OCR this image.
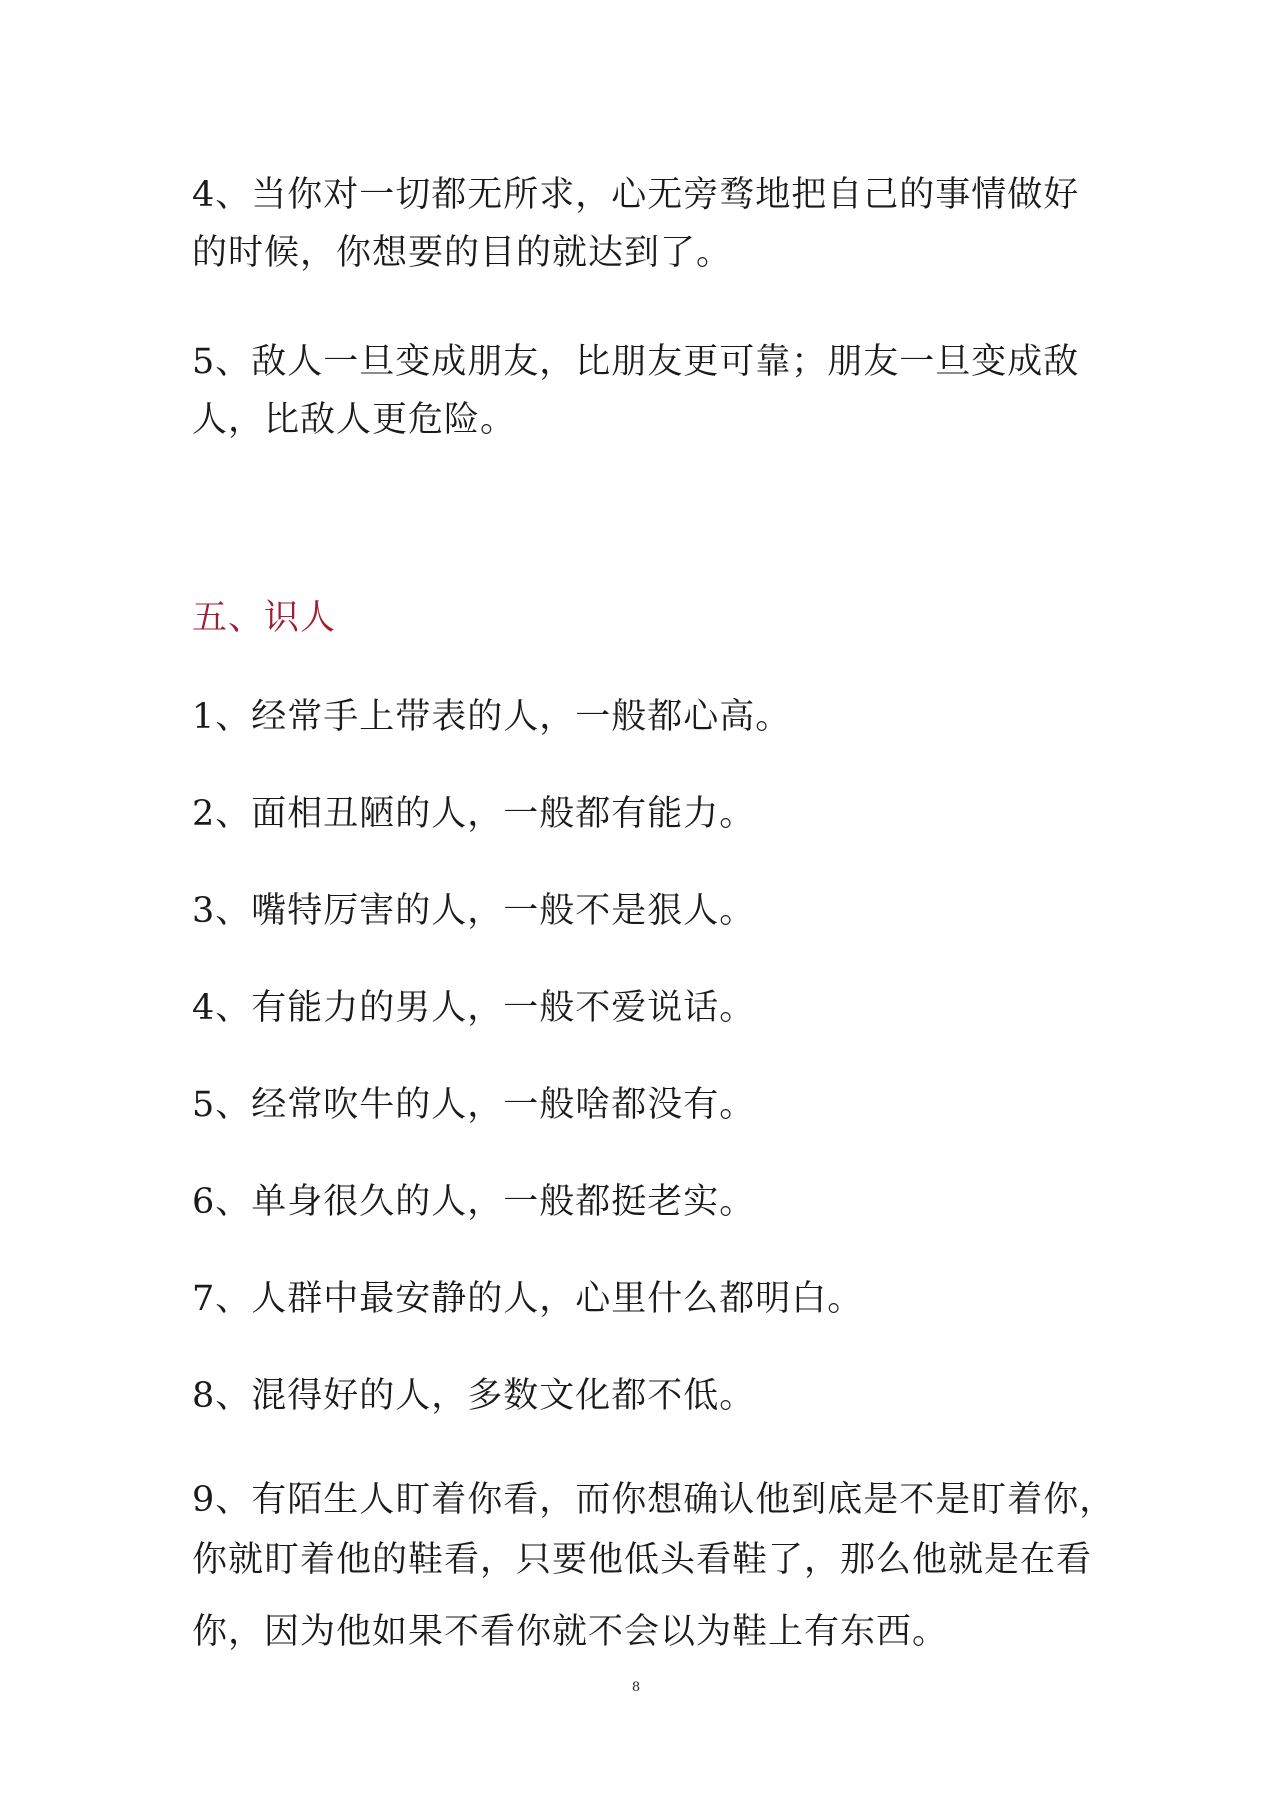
4、当你对一切都无所求，心无旁骛地把自己的事情做好
的时候，你想要的目的就达到了。

5、敌人一旦变成朋友，比朋友更可靠；朋友一旦变成敌
人，比敌人更危险。

五、识人

1、经常手上带表的人，一般都心高。

2、面相丑陋的人，一般都有能力。

3、嘴特厉害的人，一般不是狠人。

4、有能力的男人，一般不爱说话。

5、经常吹牛的人，一般啥都没有。

6、单身很久的人，一般都挺老实。

7、人群中最安静的人，心里什么都明白。

8、混得好的人，多数文化都不低。

9、有陌生人盯着你看，而你想确认他到底是不是盯着你，
你就盯着他的鞋看，只要他低头看鞋了，那么他就是在看
你，因为他如果不看你就不会以为鞋上有东西。

8
